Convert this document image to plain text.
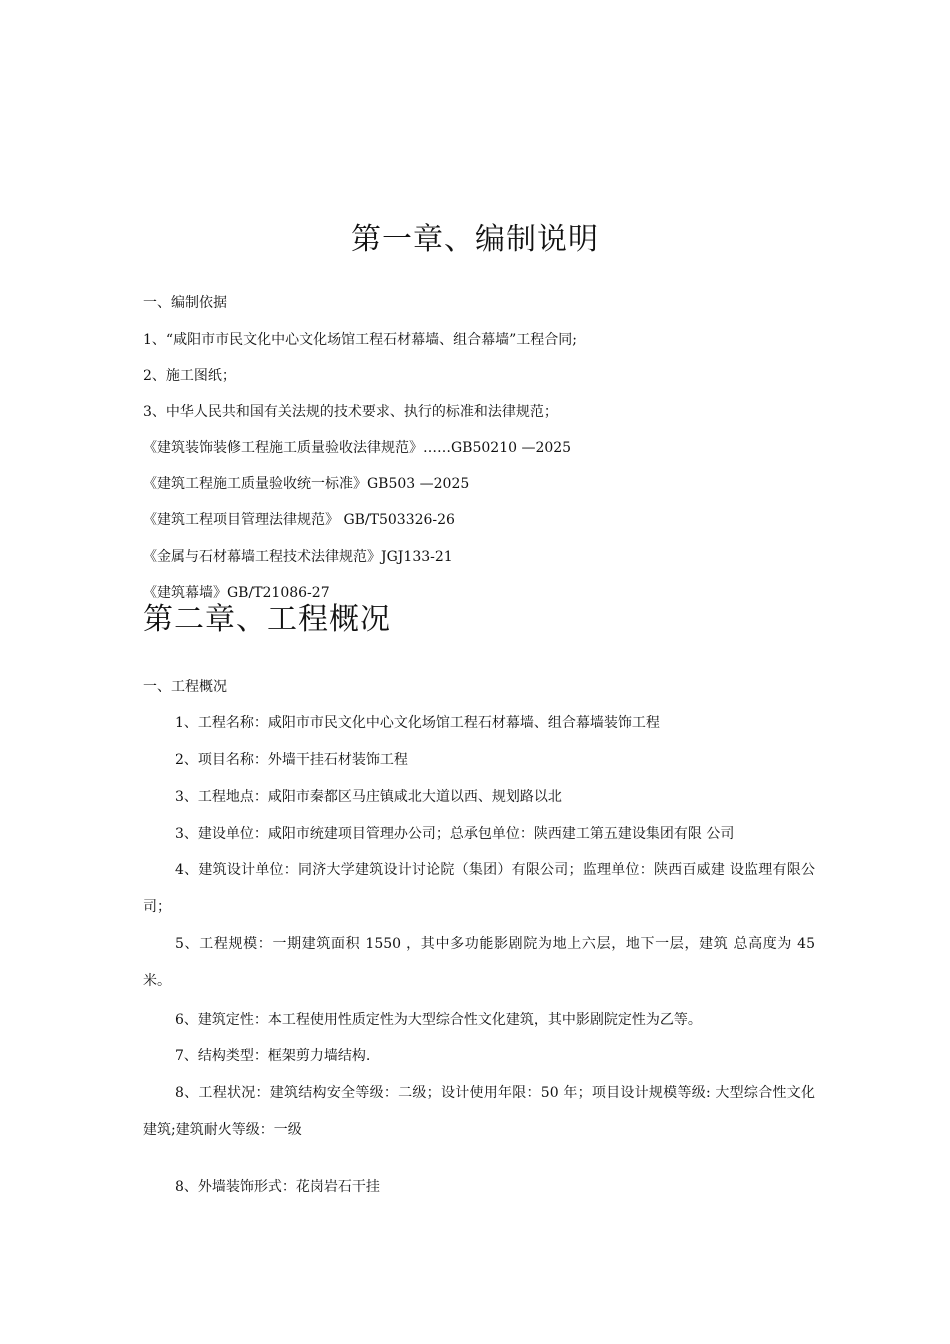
第一章、编制说明
一、编制依据
1、“咸阳市市民文化中心文化场馆工程石材幕墙、组合幕墙”工程合同;
2、施工图纸；
3、中华人民共和国有关法规的技术要求、执行的标准和法律规范；
《建筑装饰装修工程施工质量验收法律规范》……GB50210 —2025
《建筑工程施工质量验收统一标准》GB503 —2025
《建筑工程项目管理法律规范》 GB/T503326-26
《金属与石材幕墙工程技术法律规范》JGJ133-21
《建筑幕墙》GB/T21086-27
第二章、工程概况
一、工程概况
1、工程名称：咸阳市市民文化中心文化场馆工程石材幕墙、组合幕墙装饰工程
2、项目名称：外墙干挂石材装饰工程
3、工程地点：咸阳市秦都区马庄镇咸北大道以西、规划路以北
3、建设单位：咸阳市统建项目管理办公司；总承包单位：陕西建工第五建设集团有限 公司
4、建筑设计单位：同济大学建筑设计讨论院（集团）有限公司；监理单位：陕西百威建 设监理有限公司；
5、工程规模：一期建筑面积 1550 ，其中多功能影剧院为地上六层，地下一层，建筑 总高度为 45 米。
6、建筑定性：本工程使用性质定性为大型综合性文化建筑，其中影剧院定性为乙等。
7、结构类型：框架剪力墙结构.
8、工程状况：建筑结构安全等级：二级；设计使用年限：50 年；项目设计规模等级: 大型综合性文化建筑;建筑耐火等级：一级
8、外墙装饰形式：花岗岩石干挂
